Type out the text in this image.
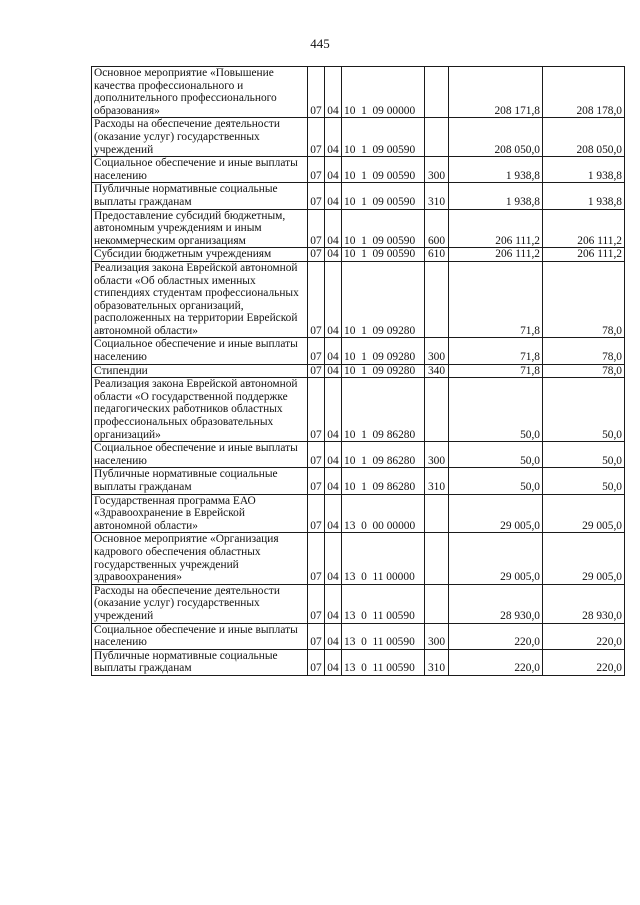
445
Основное мероприятие «Повышение качества профессионального и дополнительного профессионального образования»	07	04	10  1  09 00000		208 171,8	208 178,0
Расходы на обеспечение деятельности (оказание услуг) государственных учреждений	07	04	10  1  09 00590		208 050,0	208 050,0
Социальное обеспечение и иные выплаты населению	07	04	10  1  09 00590	300	1 938,8	1 938,8
Публичные нормативные социальные выплаты гражданам	07	04	10  1  09 00590	310	1 938,8	1 938,8
Предоставление субсидий бюджетным, автономным учреждениям и иным некоммерческим организациям	07	04	10  1  09 00590	600	206 111,2	206 111,2
Субсидии бюджетным учреждениям	07	04	10  1  09 00590	610	206 111,2	206 111,2
Реализация закона Еврейской автономной области «Об областных именных стипендиях студентам профессиональных образовательных организаций, расположенных на территории Еврейской автономной области»	07	04	10  1  09 09280		71,8	78,0
Социальное обеспечение и иные выплаты населению	07	04	10  1  09 09280	300	71,8	78,0
Стипендии	07	04	10  1  09 09280	340	71,8	78,0
Реализация закона Еврейской автономной области «О государственной поддержке педагогических работников областных профессиональных образовательных организаций»	07	04	10  1  09 86280		50,0	50,0
Социальное обеспечение и иные выплаты населению	07	04	10  1  09 86280	300	50,0	50,0
Публичные нормативные социальные выплаты гражданам	07	04	10  1  09 86280	310	50,0	50,0
Государственная программа ЕАО «Здравоохранение в Еврейской автономной области»	07	04	13  0  00 00000		29 005,0	29 005,0
Основное мероприятие «Организация кадрового обеспечения областных государственных учреждений здравоохранения»	07	04	13  0  11 00000		29 005,0	29 005,0
Расходы на обеспечение деятельности (оказание услуг) государственных учреждений	07	04	13  0  11 00590		28 930,0	28 930,0
Социальное обеспечение и иные выплаты населению	07	04	13  0  11 00590	300	220,0	220,0
Публичные нормативные социальные выплаты гражданам	07	04	13  0  11 00590	310	220,0	220,0
